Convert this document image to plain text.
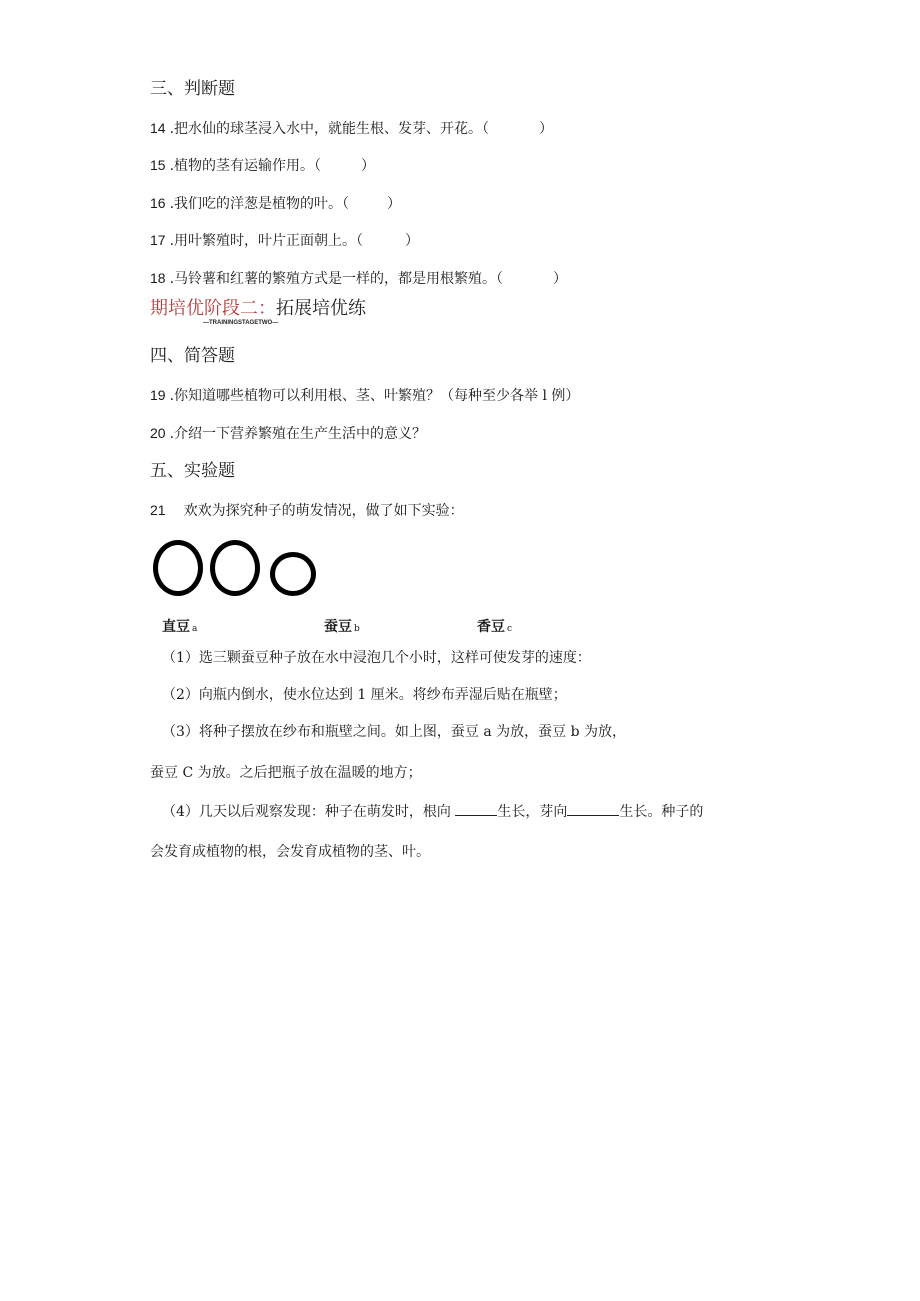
三、判断题
14 .把水仙的球茎浸入水中，就能生根、发芽、开花。（	）
15 .植物的茎有运输作用。（	）
16 .我们吃的洋葱是植物的叶。（	）
17 .用叶繁殖时，叶片正面朝上。（	）
18 .马铃薯和红薯的繁殖方式是一样的，都是用根繁殖。（	）
期培优阶段二：拓展培优练
—TRAININGSTAGETWO—
四、简答题
19 .你知道哪些植物可以利用根、茎、叶繁殖？（每种至少各举 l 例）
20 .介绍一下营养繁殖在生产生活中的意义？
五、实验题
21 欢欢为探究种子的萌发情况，做了如下实验：
直豆 a	蚕豆 b	香豆 c
（1）选三颗蚕豆种子放在水中浸泡几个小时，这样可使发芽的速度：
（2）向瓶内倒水，使水位达到 1 厘米。将纱布弄湿后贴在瓶壁；
（3）将种子摆放在纱布和瓶壁之间。如上图，蚕豆 a 为放，蚕豆 b 为放，
蚕豆 C 为放。之后把瓶子放在温暖的地方；
（4）几天以后观察发现：种子在萌发时，根向	生长，芽向	生长。种子的
会发育成植物的根，会发育成植物的茎、叶。
